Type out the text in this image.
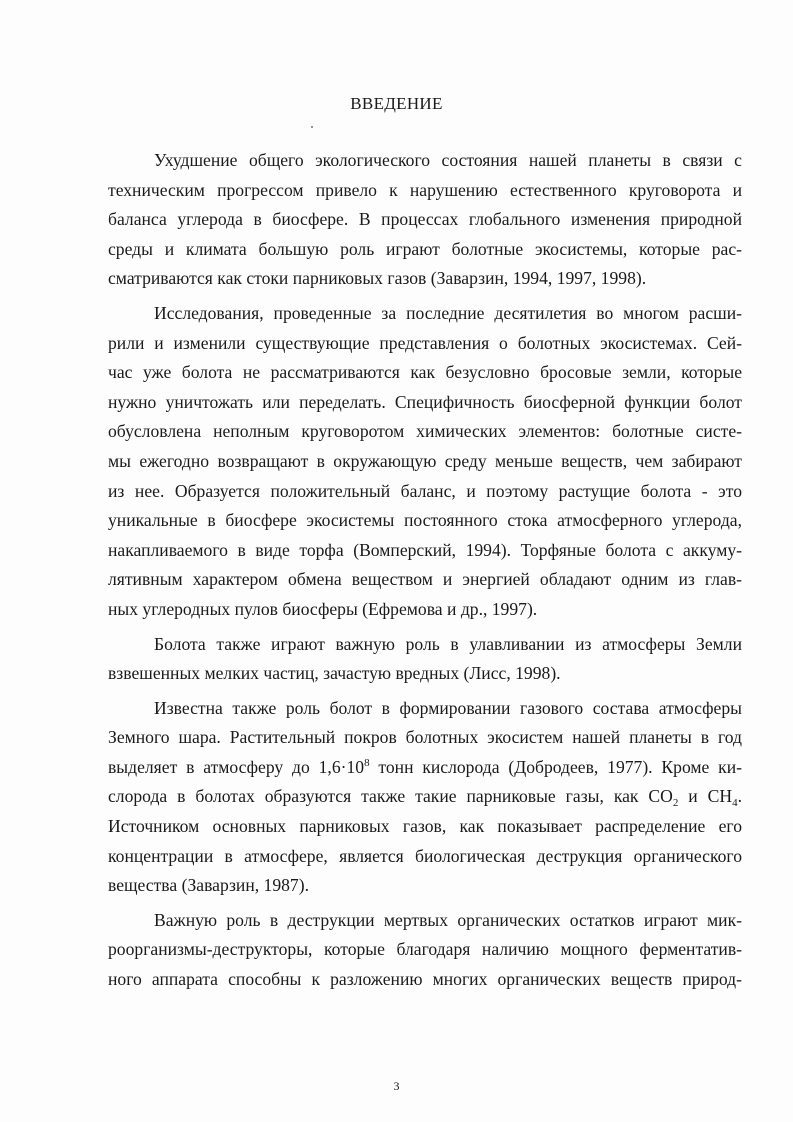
ВВЕДЕНИЕ
Ухудшение общего экологического состояния нашей планеты в связи с
техническим прогрессом привело к нарушению естественного круговорота и
баланса углерода в биосфере. В процессах глобального изменения природной
среды и климата большую роль играют болотные экосистемы, которые рас-
сматриваются как стоки парниковых газов (Заварзин, 1994, 1997, 1998).
Исследования, проведенные за последние десятилетия во многом расши-
рили и изменили существующие представления о болотных экосистемах. Сей-
час уже болота не рассматриваются как безусловно бросовые земли, которые
нужно уничтожать или переделать. Специфичность биосферной функции болот
обусловлена неполным круговоротом химических элементов: болотные систе-
мы ежегодно возвращают в окружающую среду меньше веществ, чем забирают
из нее. Образуется положительный баланс, и поэтому растущие болота - это
уникальные в биосфере экосистемы постоянного стока атмосферного углерода,
накапливаемого в виде торфа (Вомперский, 1994). Торфяные болота с аккуму-
лятивным характером обмена веществом и энергией обладают одним из глав-
ных углеродных пулов биосферы (Ефремова и др., 1997).
Болота также играют важную роль в улавливании из атмосферы Земли
взвешенных мелких частиц, зачастую вредных (Лисс, 1998).
Известна также роль болот в формировании газового состава атмосферы
Земного шара. Растительный покров болотных экосистем нашей планеты в год
выделяет в атмосферу до $1,6\cdot 10^8$ тонн кислорода (Добродеев, 1977). Кроме ки-
слорода в болотах образуются также такие парниковые газы, как $CO_2$ и $CH_4$.
Источником основных парниковых газов, как показывает распределение его
концентрации в атмосфере, является биологическая деструкция органического
вещества (Заварзин, 1987).
Важную роль в деструкции мертвых органических остатков играют мик-
роорганизмы-деструкторы, которые благодаря наличию мощного ферментатив-
ного аппарата способны к разложению многих органических веществ природ-
3
